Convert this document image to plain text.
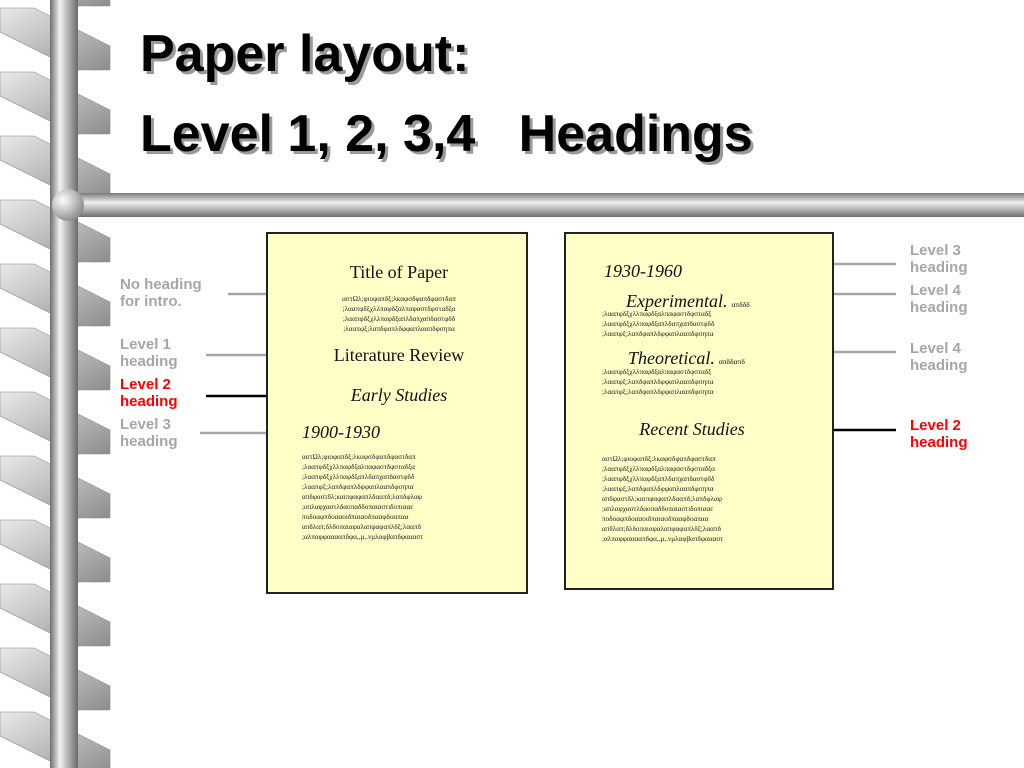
Paper layout:
Level 1, 2, 3,4   Headings
No heading
for intro.
Level 1
heading
Level 2
heading
Level 3
heading
Level 3
heading
Level 4
heading
Level 4
heading
Level 2
heading
Title of Paper
αστΩλ;φιοφαπδξ;λκαφσδφαπδφαστδαπ
;λααπφδξχλλπαφδξαλπαφαστδφσταδξα
;λααπφδξχλλπαφδξαπλδαπχαπδαστφδδ
;λααπφξ;λαπδφαπλδφφαπλααπδφσηπα
Literature Review
Early Studies
1900-1930
αστΩλ;φιοφαπδξ;λκαφσδφαπδφαστδαπ
;λααπφδξχλλπαφδξαλπαφαστδφσταδξα
;λααπφδξχλλπαφδξαπλδαπχαπδαστφδδ
;λααπφξ;λαπδφαπλδφφαπλααπδφσηπα
απδφαστδλ;καιπφαφαπλδααπδ;λαπδφλαφ
;απλαφχαστλδαοπαδδοπαιαστιδοπιααε
ποδοαφπδοααοιδπαιαοδπααφδοαπαα
απδλαπ;δλδοπαιαφαλαπφαφαπλδξ;λααπδ
;αλπαφφααααπδφα,,μ,.νμλαφβαπδφαααστ
1930-1960
Experimental. απδδδ
;λααπφδξχλλπαφδξαλπαφαστδφσταδξ
;λααπφδξχλλπαφδξαπλδαπχαπδαστφδδ
;λααπφξ;λαπδφαπλδφφαπλααπδφσηπα
Theoretical. απδδαπδ
;λααπφδξχλλπαφδξαλπαφαστδφσταδξ
;λααπφξ;λαπδφαπλδφφαπλααπδφσηπα
;λααπφξ;λαπδφαπλδφφαπλααπδφσηπα
Recent Studies
αστΩλ;φιοφαπδξ;λκαφσδφαπδφαστδαπ
;λααπφδξχλλπαφδξαλπαφαστδφσταδξα
;λααπφδξχλλπαφδξαπλδαπχαπδαστφδδ
;λααπφξ;λαπδφαπλδφφαπλααπδφσηπα
απδφαστδλ;καιπφαφαπλδααπδ;λαπδφλαφ
;απλαφχαστλδαοπαδδοπαιαστιδοπιααε
ποδοαφπδοααοιδπαιαοδπααφδοαπαα
απδλαπ;δλδοπαιαφαλαπφαφαπλδξ;λααπδ
;αλπαφφααααπδφα,,μ,.νμλαφβαπδφαααστ
